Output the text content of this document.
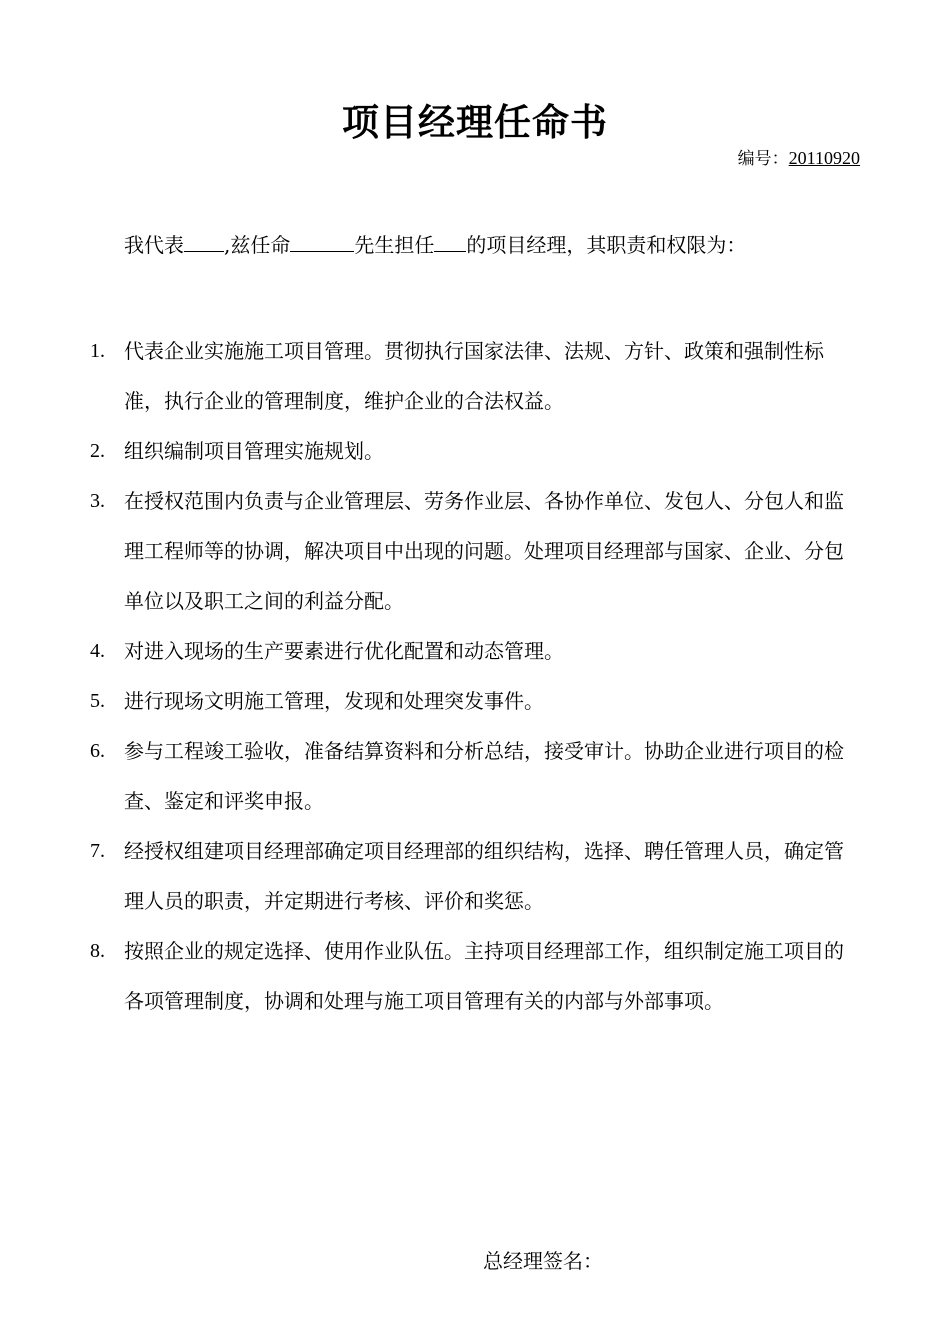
项目经理任命书
编号：20110920
我代表 ,兹任命	先生担任 的项目经理，其职责和权限为：
1. 代表企业实施施工项目管理。贯彻执行国家法律、法规、方针、政策和强制性标准，执行企业的管理制度，维护企业的合法权益。
2. 组织编制项目管理实施规划。
3. 在授权范围内负责与企业管理层、劳务作业层、各协作单位、发包人、分包人和监理工程师等的协调，解决项目中出现的问题。处理项目经理部与国家、企业、分包单位以及职工之间的利益分配。
4. 对进入现场的生产要素进行优化配置和动态管理。
5. 进行现场文明施工管理，发现和处理突发事件。
6. 参与工程竣工验收，准备结算资料和分析总结，接受审计。协助企业进行项目的检查、鉴定和评奖申报。
7. 经授权组建项目经理部确定项目经理部的组织结构，选择、聘任管理人员，确定管理人员的职责，并定期进行考核、评价和奖惩。
8. 按照企业的规定选择、使用作业队伍。主持项目经理部工作，组织制定施工项目的各项管理制度，协调和处理与施工项目管理有关的内部与外部事项。
总经理签名：
